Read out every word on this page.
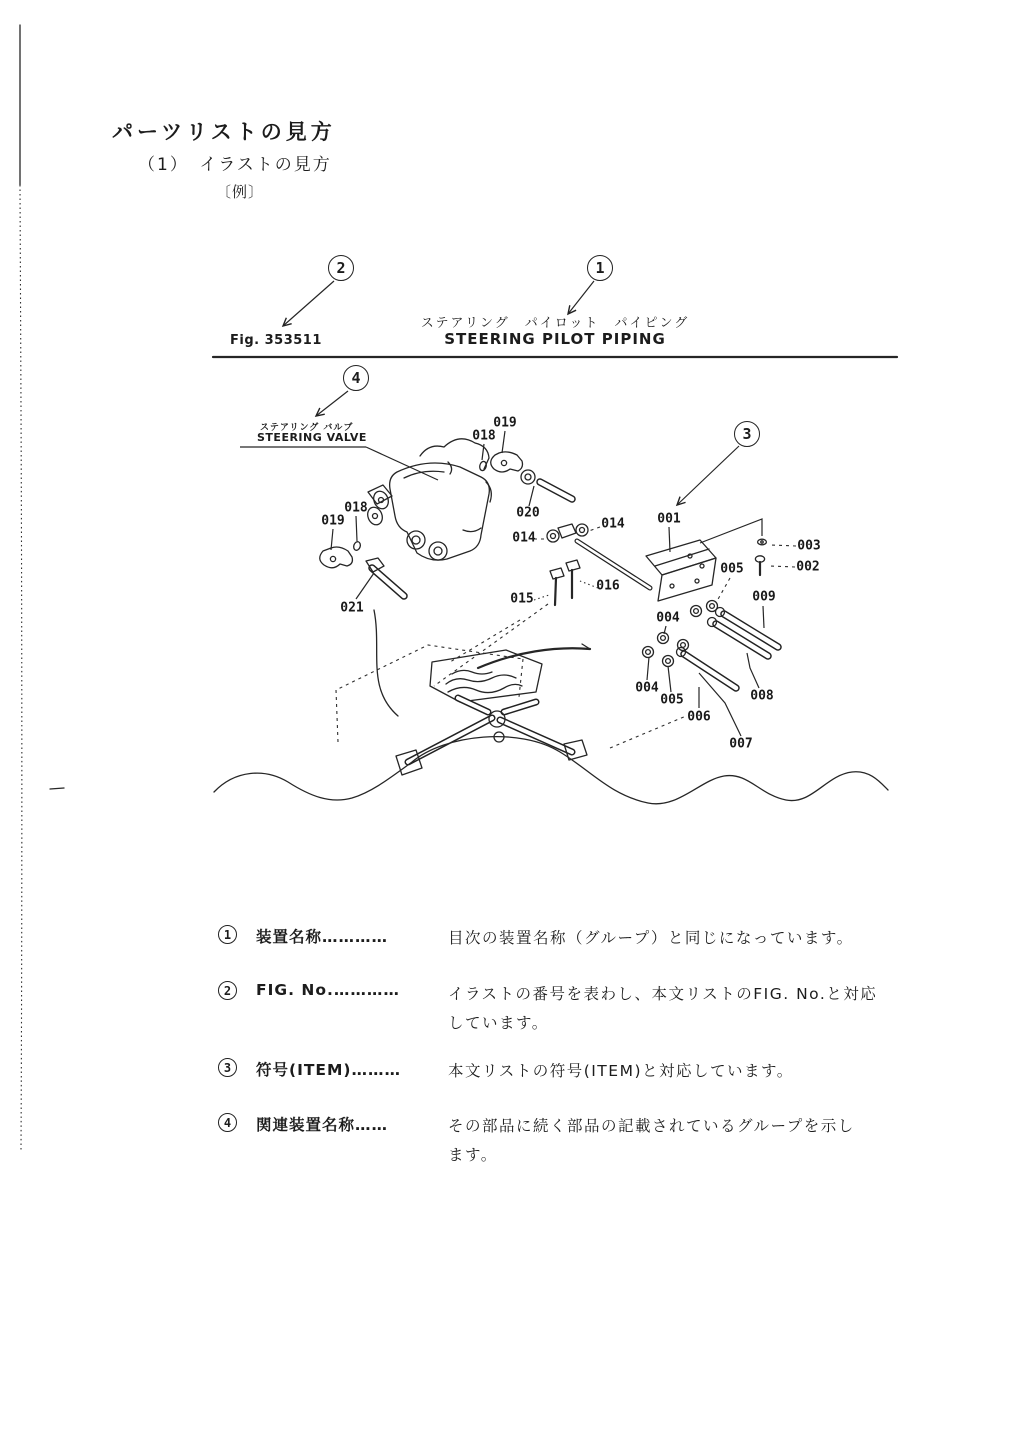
パーツリストの見方
（1）　イラストの見方
〔例〕
Fig. 353511
ステアリング　パイロット　パイピング
STEERING PILOT PIPING
ステアリング バルブ
STEERING VALVE
1
2
3
4
019
018
021
019
018
020
014
014	001
015
016
005
003
002
009
004
004
005
006
007
008
1	装置名称…………	目次の装置名称（グループ）と同じになっています。
2	FIG. No.…………	イラストの番号を表わし、本文リストのFIG. No.と対応
しています。
3	符号(ITEM)………	本文リストの符号(ITEM)と対応しています。
4	関連装置名称……	その部品に続く部品の記載されているグループを示し
ます。
